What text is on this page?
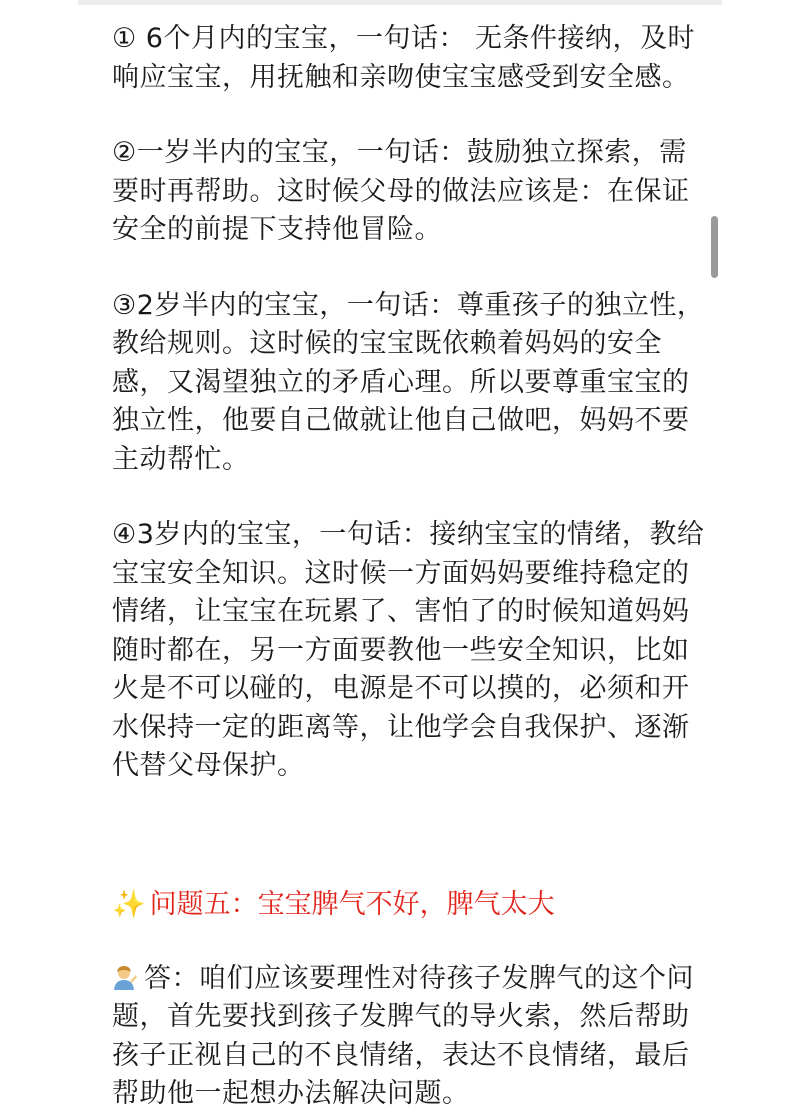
① 6个月内的宝宝，一句话： 无条件接纳，及时
响应宝宝，用抚触和亲吻使宝宝感受到安全感。

②一岁半内的宝宝，一句话：鼓励独立探索，需
要时再帮助。这时候父母的做法应该是：在保证
安全的前提下支持他冒险。

③2岁半内的宝宝，一句话：尊重孩子的独立性，
教给规则。这时候的宝宝既依赖着妈妈的安全
感，又渴望独立的矛盾心理。所以要尊重宝宝的
独立性，他要自己做就让他自己做吧，妈妈不要
主动帮忙。

④3岁内的宝宝，一句话：接纳宝宝的情绪，教给
宝宝安全知识。这时候一方面妈妈要维持稳定的
情绪，让宝宝在玩累了、害怕了的时候知道妈妈
随时都在，另一方面要教他一些安全知识，比如
火是不可以碰的，电源是不可以摸的，必须和开
水保持一定的距离等，让他学会自我保护、逐渐
代替父母保护。

✨ 问题五：宝宝脾气不好，脾气太大

答：咱们应该要理性对待孩子发脾气的这个问
题，首先要找到孩子发脾气的导火索，然后帮助
孩子正视自己的不良情绪，表达不良情绪，最后
帮助他一起想办法解决问题。
